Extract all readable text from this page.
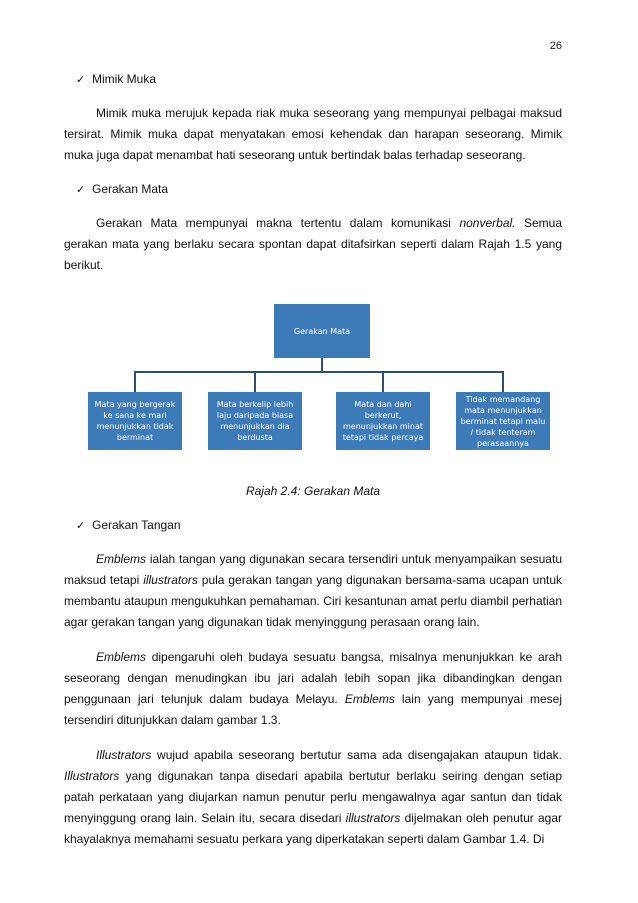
26
✓ Mimik Muka

Mimik muka merujuk kepada riak muka seseorang yang mempunyai pelbagai maksud tersirat. Mimik muka dapat menyatakan emosi kehendak dan harapan seseorang. Mimik muka juga dapat menambat hati seseorang untuk bertindak balas terhadap seseorang.

✓ Gerakan Mata

Gerakan Mata mempunyai makna tertentu dalam komunikasi nonverbal. Semua gerakan mata yang berlaku secara spontan dapat ditafsirkan seperti dalam Rajah 1.5 yang berikut.

Gerakan Mata
Mata yang bergerak ke sana ke mari menunjukkan tidak berminat
Mata berkelip lebih laju daripada biasa menunjukkan dia berdusta
Mata dan dahi berkerut, menunjukkan minat tetapi tidak percaya
Tidak memandang mata menunjukkan berminat tetapi malu / tidak tenteram perasaannya
Rajah 2.4: Gerakan Mata
✓ Gerakan Tangan

Emblems ialah tangan yang digunakan secara tersendiri untuk menyampaikan sesuatu maksud tetapi illustrators pula gerakan tangan yang digunakan bersama-sama ucapan untuk membantu ataupun mengukuhkan pemahaman. Ciri kesantunan amat perlu diambil perhatian agar gerakan tangan yang digunakan tidak menyinggung perasaan orang lain.

Emblems dipengaruhi oleh budaya sesuatu bangsa, misalnya menunjukkan ke arah seseorang dengan menudingkan ibu jari adalah lebih sopan jika dibandingkan dengan penggunaan jari telunjuk dalam budaya Melayu. Emblems lain yang mempunyai mesej tersendiri ditunjukkan dalam gambar 1.3.

Illustrators wujud apabila seseorang bertutur sama ada disengajakan ataupun tidak. Illustrators yang digunakan tanpa disedari apabila bertutur berlaku seiring dengan setiap patah perkataan yang diujarkan namun penutur perlu mengawalnya agar santun dan tidak menyinggung orang lain. Selain itu, secara disedari illustrators dijelmakan oleh penutur agar khayalaknya memahami sesuatu perkara yang diperkatakan seperti dalam Gambar 1.4. Di
